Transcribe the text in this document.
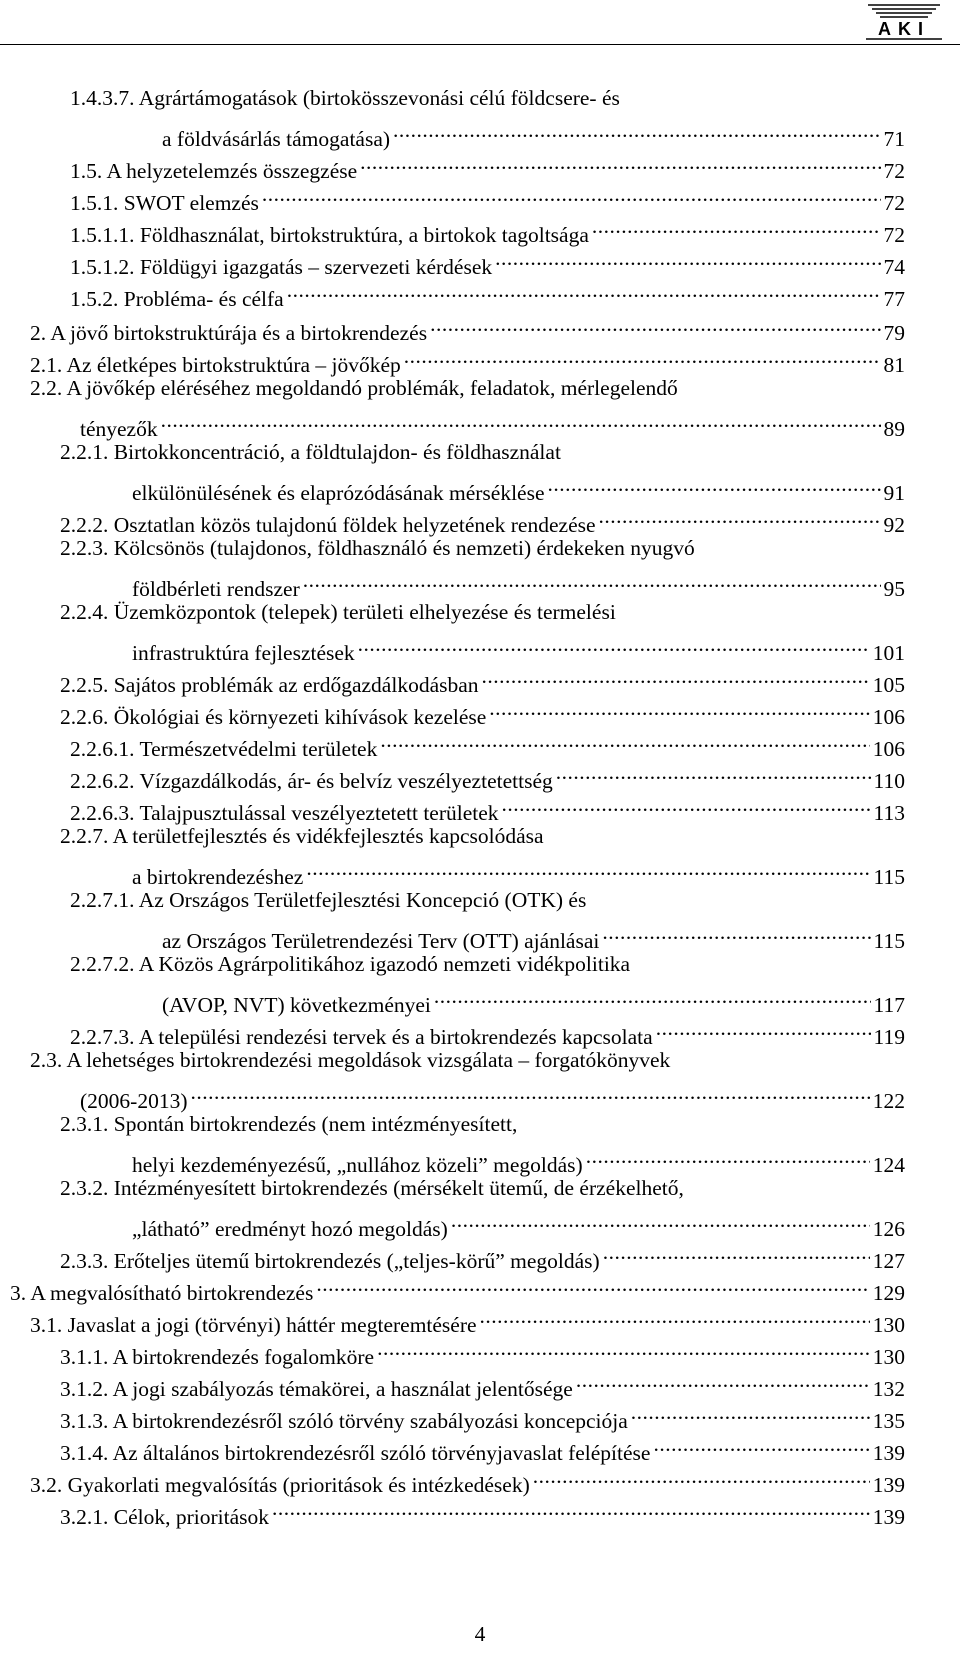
AKI
1.4.3.7. Agrártámogatások (birtokösszevonási célú földcsere- és
a földvásárlás támogatása) .....	71
1.5. A helyzetelemzés összegzése .....	72
1.5.1. SWOT elemzés .....	72
1.5.1.1. Földhasználat, birtokstruktúra, a birtokok tagoltsága .....	72
1.5.1.2. Földügyi igazgatás – szervezeti kérdések .....	74
1.5.2. Probléma- és célfa .....	77
2. A jövő birtokstruktúrája és a birtokrendezés .....	79
2.1. Az életképes birtokstruktúra – jövőkép .....	81
2.2. A jövőkép eléréséhez megoldandó problémák, feladatok, mérlegelendő
tényezők .....	89
2.2.1. Birtokkoncentráció, a földtulajdon- és földhasználat
elkülönülésének és elaprózódásának mérséklése .....	91
2.2.2. Osztatlan közös tulajdonú földek helyzetének rendezése .....	92
2.2.3. Kölcsönös (tulajdonos, földhasználó és nemzeti) érdekeken nyugvó
földbérleti rendszer .....	95
2.2.4. Üzemközpontok (telepek) területi elhelyezése és termelési
infrastruktúra fejlesztések .....	101
2.2.5. Sajátos problémák az erdőgazdálkodásban .....	105
2.2.6. Ökológiai és környezeti kihívások kezelése .....	106
2.2.6.1. Természetvédelmi területek .....	106
2.2.6.2. Vízgazdálkodás, ár- és belvíz veszélyeztetettség .....	110
2.2.6.3. Talajpusztulással veszélyeztetett területek .....	113
2.2.7. A területfejlesztés és vidékfejlesztés kapcsolódása
a birtokrendezéshez .....	115
2.2.7.1. Az Országos Területfejlesztési Koncepció (OTK) és
az Országos Területrendezési Terv (OTT) ajánlásai .....	115
2.2.7.2. A Közös Agrárpolitikához igazodó nemzeti vidékpolitika
(AVOP, NVT) következményei .....	117
2.2.7.3. A települési rendezési tervek és a birtokrendezés kapcsolata .....	119
2.3. A lehetséges birtokrendezési megoldások vizsgálata – forgatókönyvek
(2006-2013) .....	122
2.3.1. Spontán birtokrendezés (nem intézményesített,
helyi kezdeményezésű, „nullához közeli” megoldás) .....	124
2.3.2. Intézményesített birtokrendezés (mérsékelt ütemű, de érzékelhető,
„látható” eredményt hozó megoldás) .....	126
2.3.3. Erőteljes ütemű birtokrendezés („teljes-körű” megoldás) .....	127
3. A megvalósítható birtokrendezés .....	129
3.1. Javaslat a jogi (törvényi) háttér megteremtésére .....	130
3.1.1. A birtokrendezés fogalomköre .....	130
3.1.2. A jogi szabályozás témakörei, a használat jelentősége .....	132
3.1.3. A birtokrendezésről szóló törvény szabályozási koncepciója .....	135
3.1.4. Az általános birtokrendezésről szóló törvényjavaslat felépítése .....	139
3.2. Gyakorlati megvalósítás (prioritások és intézkedések) .....	139
3.2.1. Célok, prioritások .....	139
4
